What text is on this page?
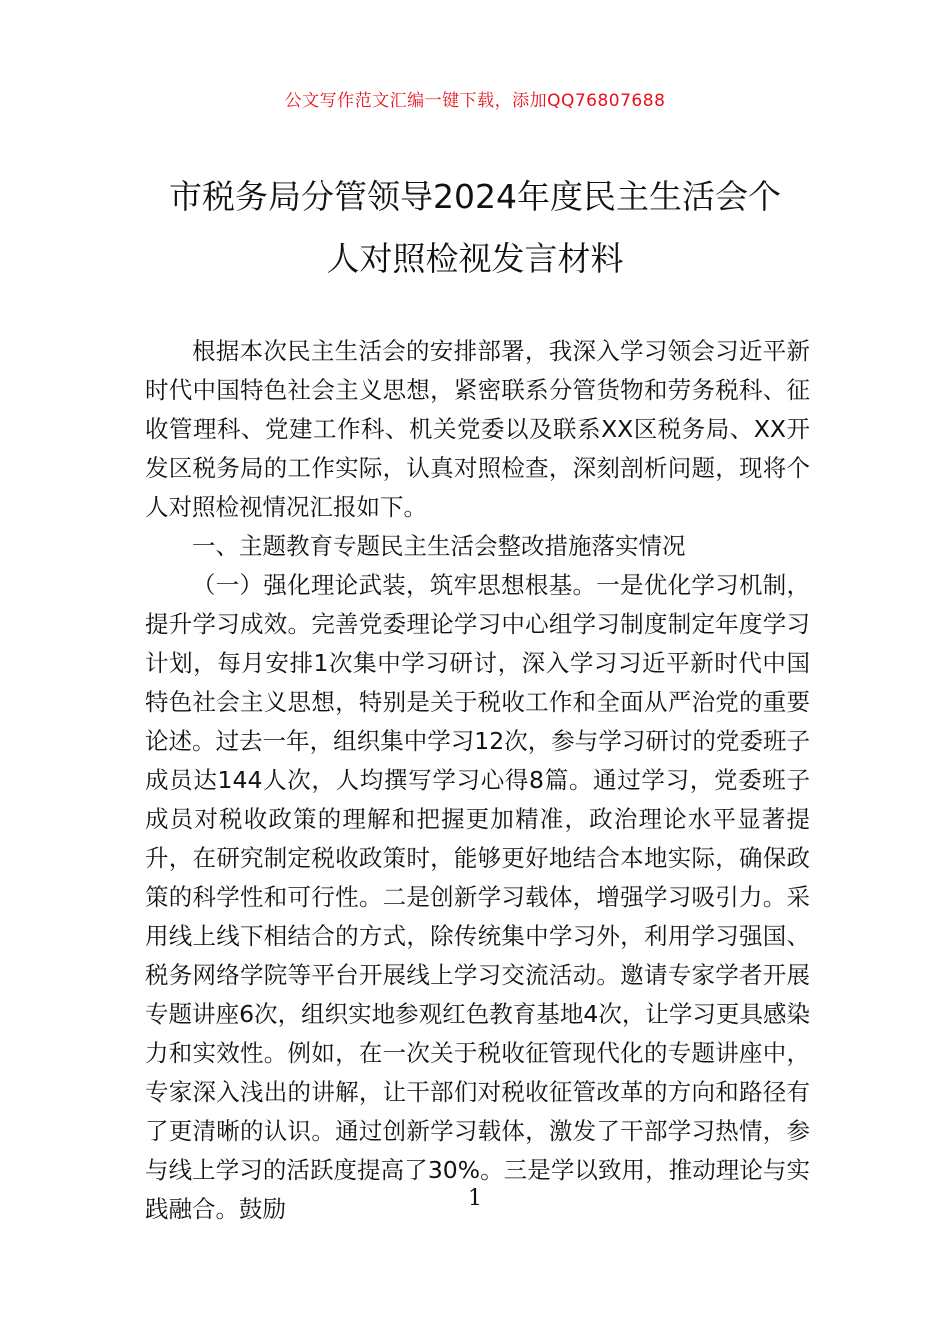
公文写作范文汇编一键下载，添加QQ76807688
市税务局分管领导2024年度民主生活会个
人对照检视发言材料

根据本次民主生活会的安排部署，我深入学习领会习近平新时代中国特色社会主义思想，紧密联系分管货物和劳务税科、征收管理科、党建工作科、机关党委以及联系XX区税务局、XX开发区税务局的工作实际，认真对照检查，深刻剖析问题，现将个人对照检视情况汇报如下。

一、主题教育专题民主生活会整改措施落实情况

（一）强化理论武装，筑牢思想根基。一是优化学习机制，提升学习成效。完善党委理论学习中心组学习制度制定年度学习计划，每月安排1次集中学习研讨，深入学习习近平新时代中国特色社会主义思想，特别是关于税收工作和全面从严治党的重要论述。过去一年，组织集中学习12次，参与学习研讨的党委班子成员达144人次，人均撰写学习心得8篇。通过学习，党委班子成员对税收政策的理解和把握更加精准，政治理论水平显著提升，在研究制定税收政策时，能够更好地结合本地实际，确保政策的科学性和可行性。二是创新学习载体，增强学习吸引力。采用线上线下相结合的方式，除传统集中学习外，利用学习强国、税务网络学院等平台开展线上学习交流活动。邀请专家学者开展专题讲座6次，组织实地参观红色教育基地4次，让学习更具感染力和实效性。例如，在一次关于税收征管现代化的专题讲座中，专家深入浅出的讲解，让干部们对税收征管改革的方向和路径有了更清晰的认识。通过创新学习载体，激发了干部学习热情，参与线上学习的活跃度提高了30%。三是学以致用，推动理论与实践融合。鼓励	1
